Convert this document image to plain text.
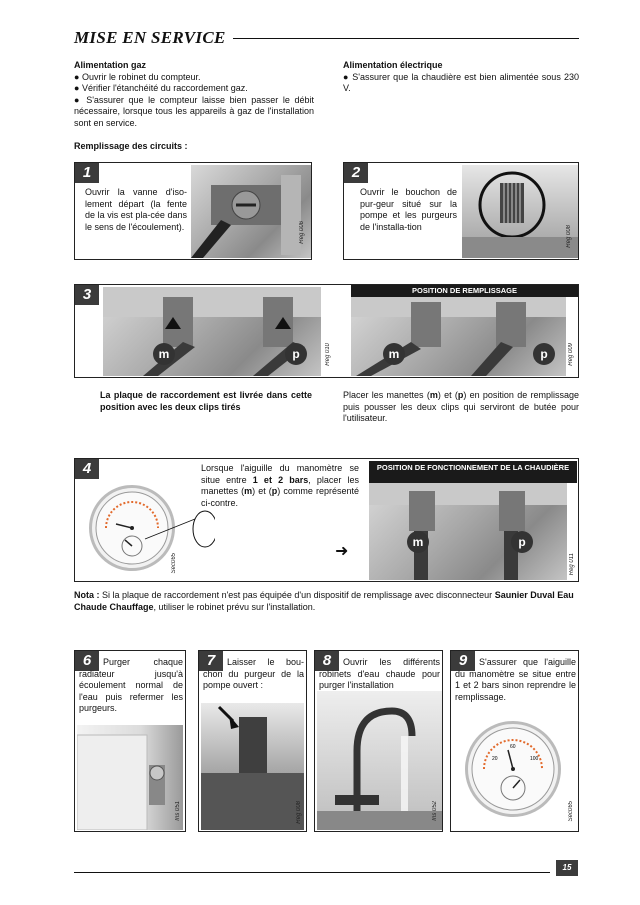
MISE EN SERVICE
Alimentation gaz
● Ouvrir le robinet du compteur.
● Vérifier l'étanchéité du raccordement gaz.
● S'assurer que le compteur laisse bien passer le débit nécessaire, lorsque tous les appareils à gaz de l'installation sont en service.
Alimentation électrique
● S'assurer que la chaudière est bien alimentée sous 230 V.
Remplissage des circuits :
1
Ouvrir la vanne d'iso-lement départ (la fente de la vis est pla-cée dans le sens de l'écoulement).	Reg 006
2
Ouvrir le bouchon de pur-geur situé sur la pompe et les purgeurs de l'installa-tion	Reg 008
3
m	p	Reg 010
POSITION DE REMPLISSAGE
m	p	Reg 009
La plaque de raccordement est livrée dans cette position avec les deux clips tirés
Placer les manettes (m) et (p) en position de remplissage puis pousser les deux clips qui serviront de butée pour l'utilisateur.
4
Sec065
Lorsque l'aiguille du manomètre se situe entre 1 et 2 bars, placer les manettes (m) et (p) comme représenté ci-contre.
➜
POSITION DE FONCTIONNEMENT DE LA CHAUDIÈRE
m	p
Reg 011
Nota : Si la plaque de raccordement n'est pas équipée d'un dispositif de remplissage avec disconnecteur Saunier Duval Eau Chaude Chauffage, utiliser le robinet prévu sur l'installation.
6	Purger chaque radiateur jusqu'à écoulement normal de l'eau puis refermer les purgeurs.
Ins 051
7	Laisser le bou-chon du purgeur de la pompe ouvert :
Reg 008
8	Ouvrir les différents robinets d'eau chaude pour purger l'installation
Ins 052
9	S'assurer que l'aiguille du manomètre se situe entre 1 et 2 bars sinon reprendre le remplissage.
20
60
100
Sec065
15
